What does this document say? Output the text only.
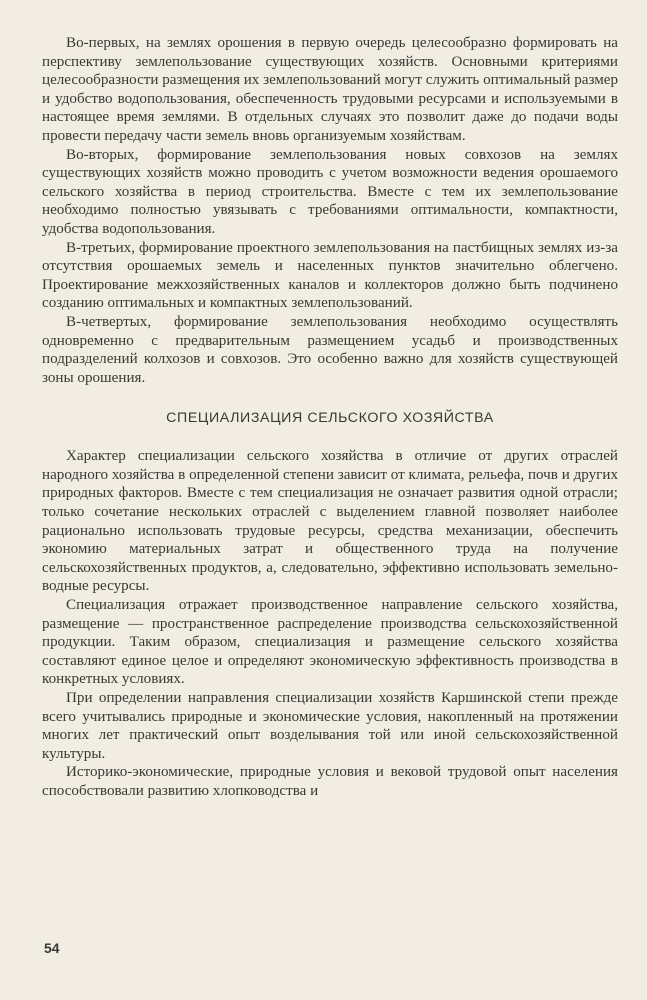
Во-первых, на землях орошения в первую очередь целесообразно формировать на перспективу землепользование существующих хозяйств. Основными критериями целесообразности размещения их землепользований могут служить оптимальный размер и удобство водопользования, обеспеченность трудовыми ресурсами и используемыми в настоящее время землями. В отдельных случаях это позволит даже до подачи воды провести передачу части земель вновь организуемым хозяйствам.

Во-вторых, формирование землепользования новых совхозов на землях существующих хозяйств можно проводить с учетом возможности ведения орошаемого сельского хозяйства в период строительства. Вместе с тем их землепользование необходимо полностью увязывать с требованиями оптимальности, компактности, удобства водопользования.

В-третьих, формирование проектного землепользования на пастбищных землях из-за отсутствия орошаемых земель и населенных пунктов значительно облегчено. Проектирование межхозяйственных каналов и коллекторов должно быть подчинено созданию оптимальных и компактных землепользований.

В-четвертых, формирование землепользования необходимо осуществлять одновременно с предварительным размещением усадьб и производственных подразделений колхозов и совхозов. Это особенно важно для хозяйств существующей зоны орошения.

СПЕЦИАЛИЗАЦИЯ СЕЛЬСКОГО ХОЗЯЙСТВА

Характер специализации сельского хозяйства в отличие от других отраслей народного хозяйства в определенной степени зависит от климата, рельефа, почв и других природных факторов. Вместе с тем специализация не означает развития одной отрасли; только сочетание нескольких отраслей с выделением главной позволяет наиболее рационально использовать трудовые ресурсы, средства механизации, обеспечить экономию материальных затрат и общественного труда на получение сельскохозяйственных продуктов, а, следовательно, эффективно использовать земельно-водные ресурсы.

Специализация отражает производственное направление сельского хозяйства, размещение — пространственное распределение производства сельскохозяйственной продукции. Таким образом, специализация и размещение сельского хозяйства составляют единое целое и определяют экономическую эффективность производства в конкретных условиях.

При определении направления специализации хозяйств Каршинской степи прежде всего учитывались природные и экономические условия, накопленный на протяжении многих лет практический опыт возделывания той или иной сельскохозяйственной культуры.

Историко-экономические, природные условия и вековой трудовой опыт населения способствовали развитию хлопководства и

54
